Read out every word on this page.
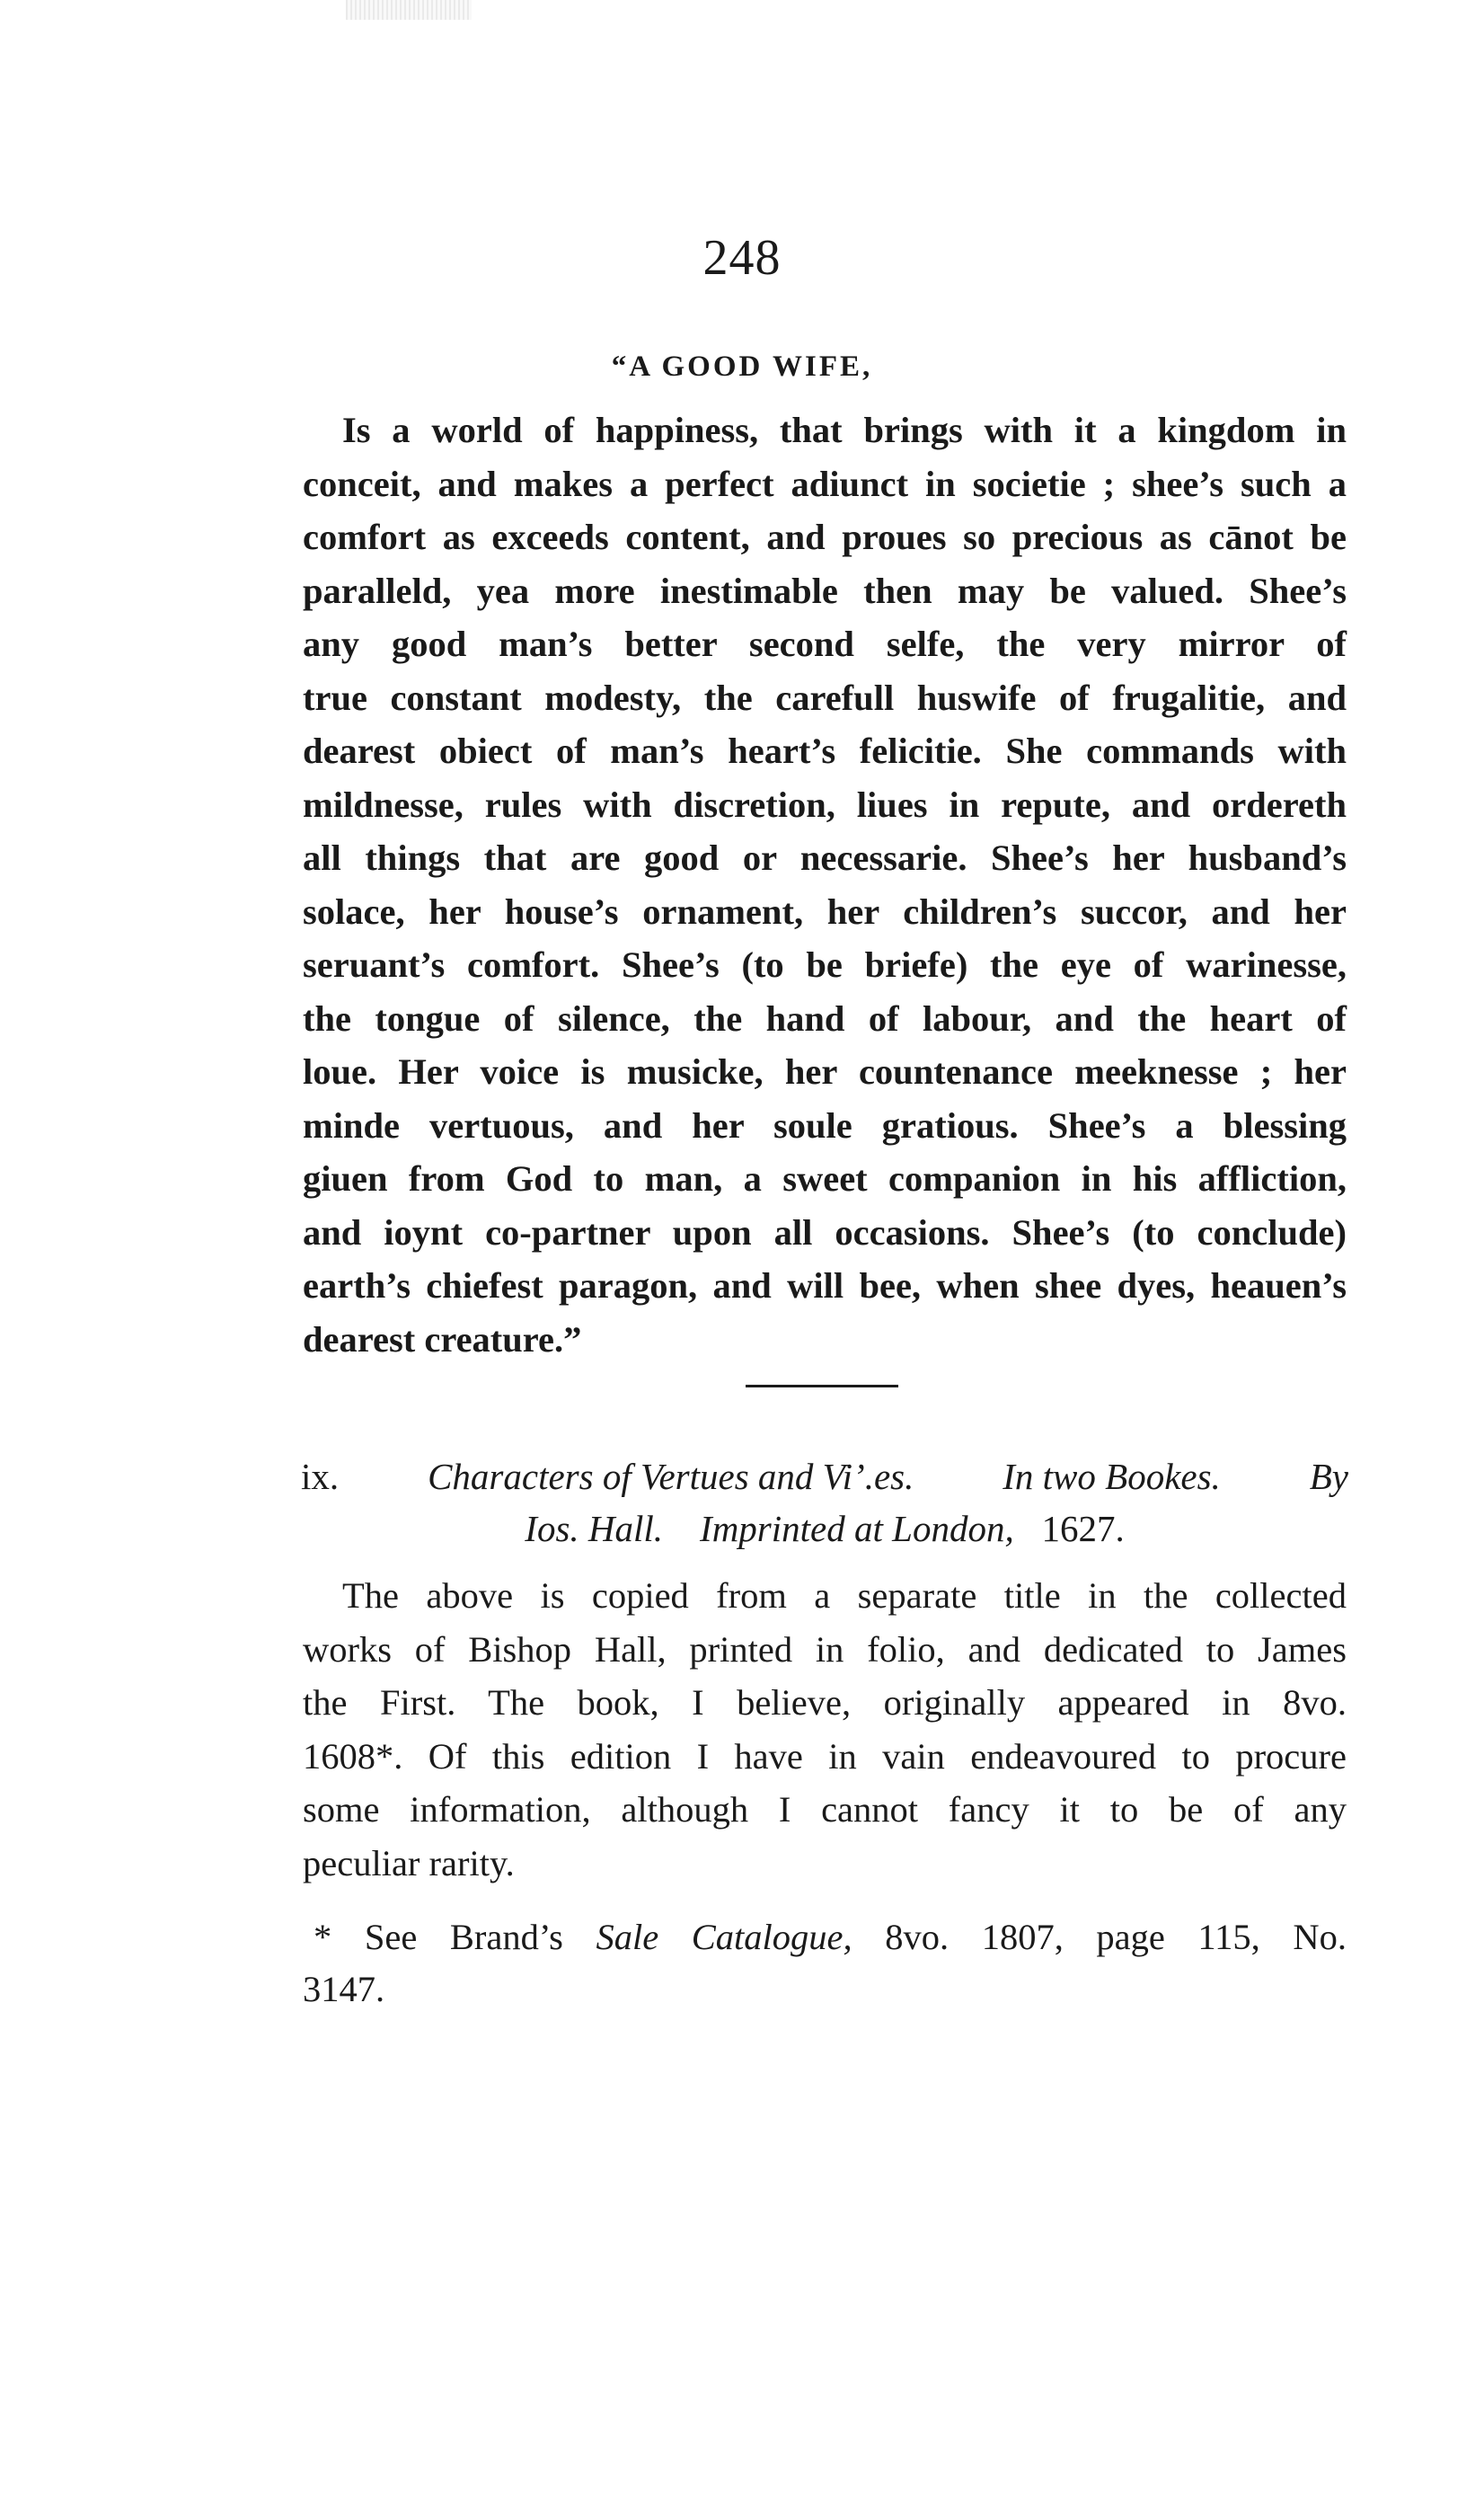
248
“A GOOD WIFE,
Is a world of happiness, that brings with it a kingdom in
conceit, and makes a perfect adiunct in societie ; shee’s such a
comfort as exceeds content, and proues so precious as cānot be
paralleld, yea more inestimable then may be valued. Shee’s
any good man’s better second selfe, the very mirror of
true constant modesty, the carefull huswife of frugalitie, and
dearest obiect of man’s heart’s felicitie. She commands with
mildnesse, rules with discretion, liues in repute, and ordereth
all things that are good or necessarie. Shee’s her husband’s
solace, her house’s ornament, her children’s succor, and her
seruant’s comfort. Shee’s (to be briefe) the eye of warinesse,
the tongue of silence, the hand of labour, and the heart of
loue. Her voice is musicke, her countenance meeknesse ; her
minde vertuous, and her soule gratious. Shee’s a blessing
giuen from God to man, a sweet companion in his affliction,
and ioynt co-partner upon all occasions. Shee’s (to conclude)
earth’s chiefest paragon, and will bee, when shee dyes, heauen’s
dearest creature.”
ix. Characters of Vertues and Vi’.es. In two Bookes. By
Ios. Hall. Imprinted at London, 1627.
The above is copied from a separate title in the collected
works of Bishop Hall, printed in folio, and dedicated to James
the First. The book, I believe, originally appeared in 8vo.
1608*. Of this edition I have in vain endeavoured to procure
some information, although I cannot fancy it to be of any
peculiar rarity.
* See Brand’s Sale Catalogue, 8vo. 1807, page 115, No.
3147.
